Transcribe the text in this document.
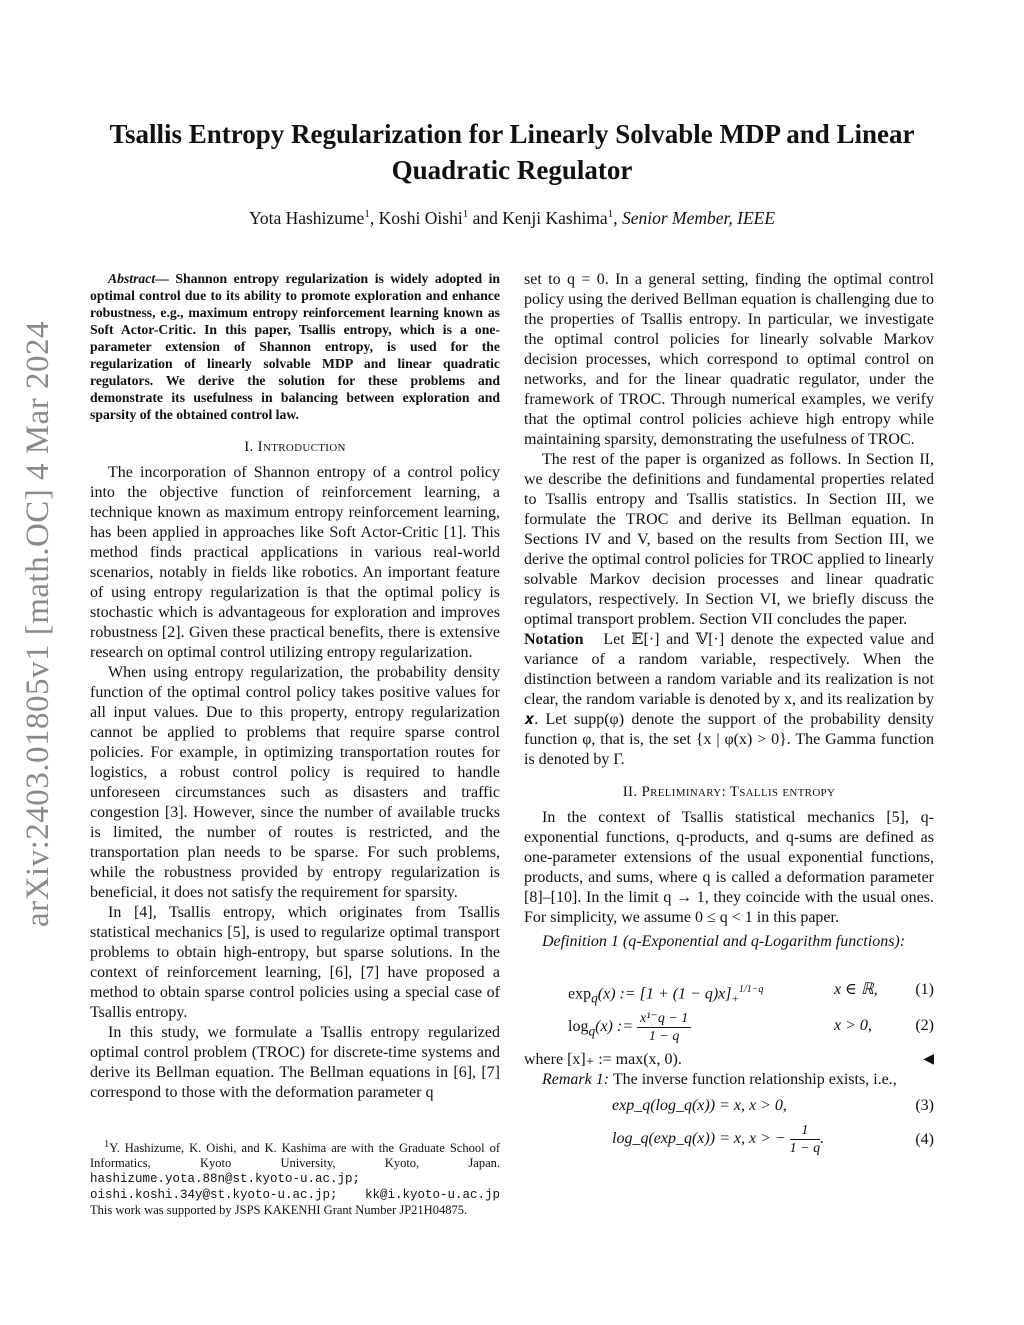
arXiv:2403.01805v1 [math.OC] 4 Mar 2024
Tsallis Entropy Regularization for Linearly Solvable MDP and Linear Quadratic Regulator
Yota Hashizume$^1$, Koshi Oishi$^1$ and Kenji Kashima$^1$, Senior Member, IEEE

Abstract— Shannon entropy regularization is widely adopted in optimal control due to its ability to promote exploration and enhance robustness, e.g., maximum entropy reinforcement learning known as Soft Actor-Critic. In this paper, Tsallis entropy, which is a one-parameter extension of Shannon entropy, is used for the regularization of linearly solvable MDP and linear quadratic regulators. We derive the solution for these problems and demonstrate its usefulness in balancing between exploration and sparsity of the obtained control law.

I. Introduction

The incorporation of Shannon entropy of a control policy into the objective function of reinforcement learning, a technique known as maximum entropy reinforcement learning, has been applied in approaches like Soft Actor-Critic [1]. This method finds practical applications in various real-world scenarios, notably in fields like robotics. An important feature of using entropy regularization is that the optimal policy is stochastic which is advantageous for exploration and improves robustness [2]. Given these practical benefits, there is extensive research on optimal control utilizing entropy regularization.

When using entropy regularization, the probability density function of the optimal control policy takes positive values for all input values. Due to this property, entropy regularization cannot be applied to problems that require sparse control policies. For example, in optimizing transportation routes for logistics, a robust control policy is required to handle unforeseen circumstances such as disasters and traffic congestion [3]. However, since the number of available trucks is limited, the number of routes is restricted, and the transportation plan needs to be sparse. For such problems, while the robustness provided by entropy regularization is beneficial, it does not satisfy the requirement for sparsity.

In [4], Tsallis entropy, which originates from Tsallis statistical mechanics [5], is used to regularize optimal transport problems to obtain high-entropy, but sparse solutions. In the context of reinforcement learning, [6], [7] have proposed a method to obtain sparse control policies using a special case of Tsallis entropy.

In this study, we formulate a Tsallis entropy regularized optimal control problem (TROC) for discrete-time systems and derive its Bellman equation. The Bellman equations in [6], [7] correspond to those with the deformation parameter q

$^1$Y. Hashizume, K. Oishi, and K. Kashima are with the Graduate School of Informatics, Kyoto University, Kyoto, Japan. hashizume.yota.88n@st.kyoto-u.ac.jp; oishi.koshi.34y@st.kyoto-u.ac.jp; kk@i.kyoto-u.ac.jp This work was supported by JSPS KAKENHI Grant Number JP21H04875.

set to q = 0. In a general setting, finding the optimal control policy using the derived Bellman equation is challenging due to the properties of Tsallis entropy. In particular, we investigate the optimal control policies for linearly solvable Markov decision processes, which correspond to optimal control on networks, and for the linear quadratic regulator, under the framework of TROC. Through numerical examples, we verify that the optimal control policies achieve high entropy while maintaining sparsity, demonstrating the usefulness of TROC.

The rest of the paper is organized as follows. In Section II, we describe the definitions and fundamental properties related to Tsallis entropy and Tsallis statistics. In Section III, we formulate the TROC and derive its Bellman equation. In Sections IV and V, based on the results from Section III, we derive the optimal control policies for TROC applied to linearly solvable Markov decision processes and linear quadratic regulators, respectively. In Section VI, we briefly discuss the optimal transport problem. Section VII concludes the paper.

Notation Let 𝔼[·] and 𝕍[·] denote the expected value and variance of a random variable, respectively. When the distinction between a random variable and its realization is not clear, the random variable is denoted by x, and its realization by 𝒙. Let supp(φ) denote the support of the probability density function φ, that is, the set {x | φ(x) > 0}. The Gamma function is denoted by Γ.

II. Preliminary: Tsallis entropy

In the context of Tsallis statistical mechanics [5], q-exponential functions, q-products, and q-sums are defined as one-parameter extensions of the usual exponential functions, products, and sums, where q is called a deformation parameter [8]–[10]. In the limit q → 1, they coincide with the usual ones. For simplicity, we assume 0 ≤ q < 1 in this paper.

Definition 1 (q-Exponential and q-Logarithm functions):

$\exp_q(x)$ := $[1 + (1 - q)x]_+^{1/1-q}$	x ∈ ℝ, (1)
$\log_q(x)$ := $\frac{\text{x¹⁻q − 1}}{1 - q}$	x > 0,	(2)

where [x]₊ := max(x, 0).	◀

Remark 1: The inverse function relationship exists, i.e.,

exp_q(log_q(x)) = x, x > 0,	(3)
log_q(exp_q(x)) = x, x > − $\frac{1}{1 - q}$ .	(4)
